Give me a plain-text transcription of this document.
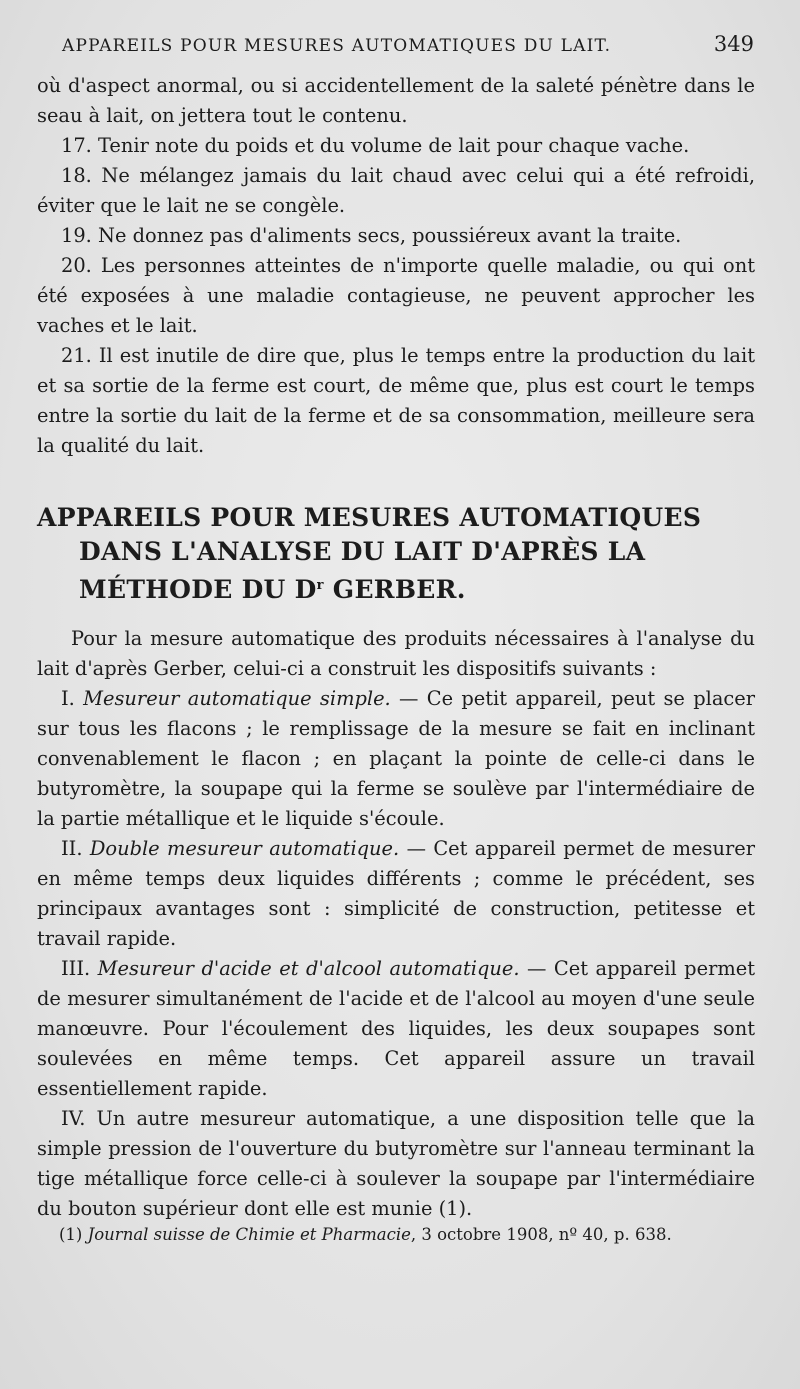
APPAREILS POUR MESURES AUTOMATIQUES DU LAIT.	349

où d'aspect anormal, ou si accidentellement de la saleté pénètre dans le seau à lait, on jettera tout le contenu.

17. Tenir note du poids et du volume de lait pour chaque vache.

18. Ne mélangez jamais du lait chaud avec celui qui a été refroidi, éviter que le lait ne se congèle.

19. Ne donnez pas d'aliments secs, poussiéreux avant la traite.

20. Les personnes atteintes de n'importe quelle maladie, ou qui ont été exposées à une maladie contagieuse, ne peuvent approcher les vaches et le lait.

21. Il est inutile de dire que, plus le temps entre la production du lait et sa sortie de la ferme est court, de même que, plus est court le temps entre la sortie du lait de la ferme et de sa consommation, meilleure sera la qualité du lait.

APPAREILS POUR MESURES AUTOMATIQUES DANS L'ANALYSE DU LAIT D'APRÈS LA MÉTHODE DU $D^r$ GERBER.

Pour la mesure automatique des produits nécessaires à l'analyse du lait d'après Gerber, celui-ci a construit les dispositifs suivants :

I. Mesureur automatique simple. — Ce petit appareil, peut se placer sur tous les flacons ; le remplissage de la mesure se fait en inclinant convenablement le flacon ; en plaçant la pointe de celle-ci dans le butyromètre, la soupape qui la ferme se soulève par l'intermédiaire de la partie métallique et le liquide s'écoule.

II. Double mesureur automatique. — Cet appareil permet de mesurer en même temps deux liquides différents ; comme le précédent, ses principaux avantages sont : simplicité de construction, petitesse et travail rapide.

III. Mesureur d'acide et d'alcool automatique. — Cet appareil permet de mesurer simultanément de l'acide et de l'alcool au moyen d'une seule manœuvre. Pour l'écoulement des liquides, les deux soupapes sont soulevées en même temps. Cet appareil assure un travail essentiellement rapide.

IV. Un autre mesureur automatique, a une disposition telle que la simple pression de l'ouverture du butyromètre sur l'anneau terminant la tige métallique force celle-ci à soulever la soupape par l'intermédiaire du bouton supérieur dont elle est munie (1).

(1) Journal suisse de Chimie et Pharmacie, 3 octobre 1908, nº 40, p. 638.
